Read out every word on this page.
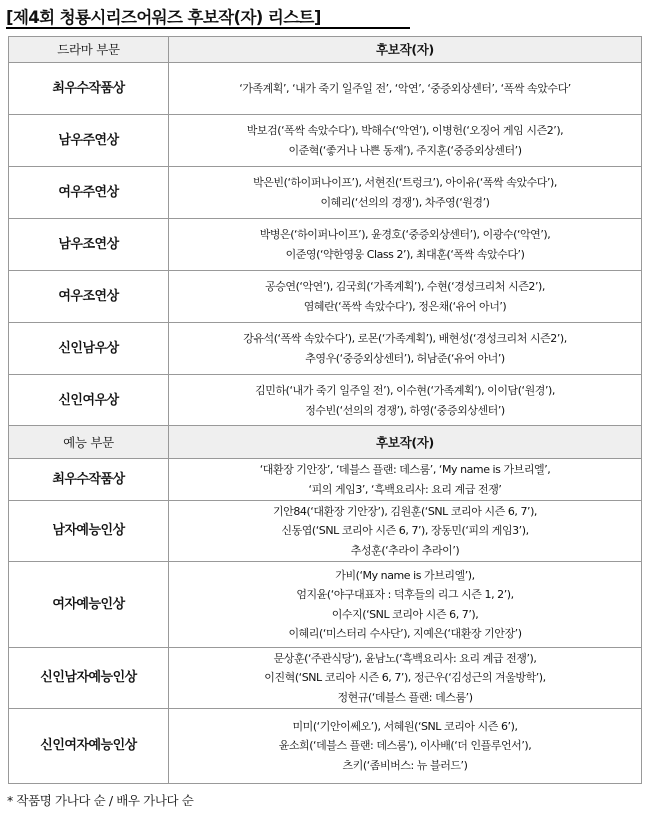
[제4회 청룡시리즈어워즈 후보작(자) 리스트]
드라마 부문	후보작(자)
최우수작품상	‘가족계획’, ‘내가 죽기 일주일 전’, ‘악연’, ‘중증외상센터’, ‘폭싹 속았수다’

남우주연상	박보검(‘폭싹 속았수다’), 박해수(‘악연’), 이병헌(‘오징어 게임 시즌2’),
이준혁(‘좋거나 나쁜 동재’), 주지훈(‘중증외상센터’)

여우주연상	박은빈(‘하이퍼나이프’), 서현진(‘트렁크’), 아이유(‘폭싹 속았수다’),
이혜리(‘선의의 경쟁’), 차주영(‘원경’)

남우조연상	박병은(‘하이퍼나이프’), 윤경호(‘중증외상센터’), 이광수(‘악연’),
이준영(‘약한영웅 Class 2’), 최대훈(‘폭싹 속았수다’)

여우조연상	공승연(‘악연’), 김국희(‘가족계획’), 수현(‘경성크리처 시즌2’),
염혜란(‘폭싹 속았수다’), 정은채(‘유어 아너’)

신인남우상	강유석(‘폭싹 속았수다’), 로몬(‘가족계획’), 배현성(‘경성크리처 시즌2’),
추영우(‘중증외상센터’), 허남준(‘유어 아너’)

신인여우상	김민하(‘내가 죽기 일주일 전’), 이수현(‘가족계획’), 이이담(‘원경’),
정수빈(‘선의의 경쟁’), 하영(‘중증외상센터’)
예능 부문	후보작(자)
최우수작품상	‘대환장 기안장’, ‘데블스 플랜: 데스룸’, ‘My name is 가브리엘’,
‘피의 게임3’, ‘흑백요리사: 요리 계급 전쟁’

남자예능인상	기안84(‘대환장 기안장’), 김원훈(‘SNL 코리아 시즌 6, 7’),
신동엽(‘SNL 코리아 시즌 6, 7’), 장동민(‘피의 게임3’),
추성훈(‘추라이 추라이’)

여자예능인상	가비(‘My name is 가브리엘’),
엄지윤(‘야구대표자 : 덕후들의 리그 시즌 1, 2’),
이수지(‘SNL 코리아 시즌 6, 7’),
이혜리(‘미스터리 수사단’), 지예은(‘대환장 기안장’)

신인남자예능인상	문상훈(‘주관식당’), 윤남노(‘흑백요리사: 요리 계급 전쟁’),
이진혁(‘SNL 코리아 시즌 6, 7’), 정근우(‘김성근의 겨울방학’),
정현규(‘데블스 플랜: 데스룸’)

신인여자예능인상	미미(‘기안이쎄오’), 서혜원(‘SNL 코리아 시즌 6’),
윤소희(‘데블스 플랜: 데스룸’), 이사배(‘더 인플루언서’),
츠키(‘좀비버스: 뉴 블러드’)
* 작품명 가나다 순 / 배우 가나다 순
